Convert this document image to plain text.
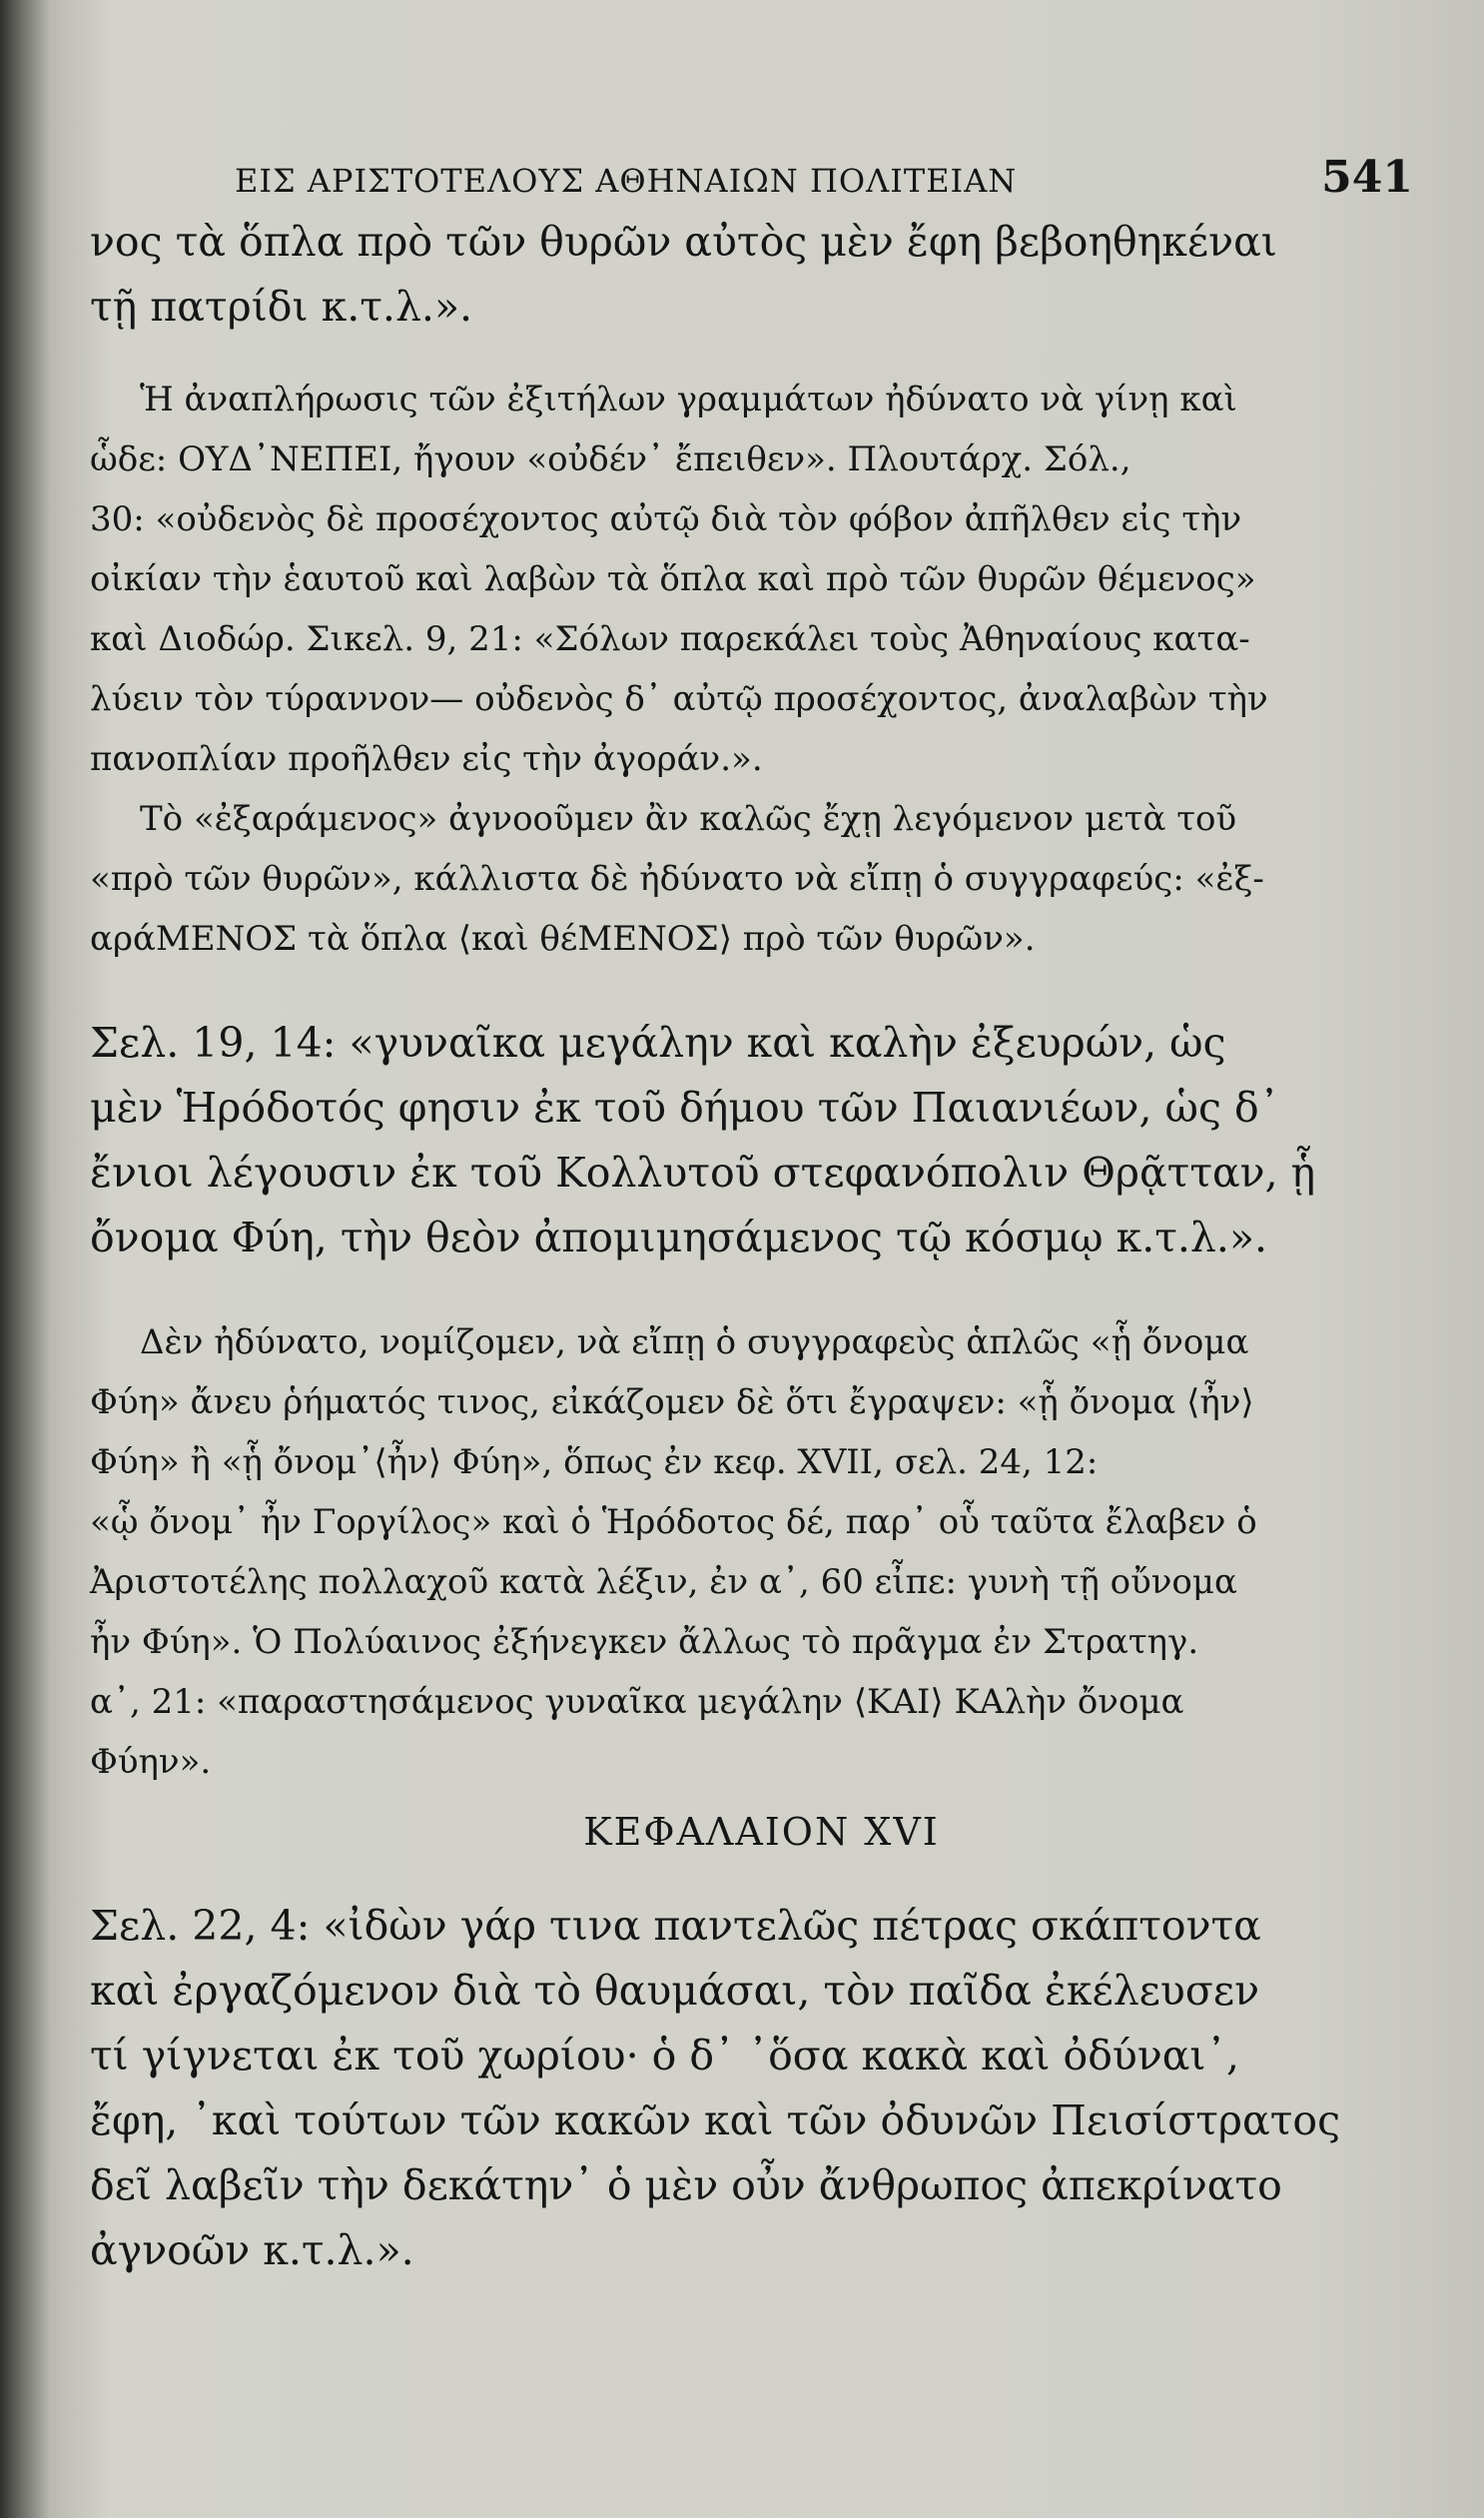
ΕΙΣ ΑΡΙΣΤΟΤΕΛΟΥΣ ΑΘΗΝΑΙΩΝ ΠΟΛΙΤΕΙΑΝ	541
νος τὰ ὅπλα πρὸ τῶν θυρῶν αὐτὸς μὲν ἔφη βεβοηθηκέναι
τῇ πατρίδι κ.τ.λ.».
Ἡ ἀναπλήρωσις τῶν ἐξιτήλων γραμμάτων ἠδύνατο νὰ γίνῃ καὶ
ὧδε: ΟΥΔ᾽ΝΕΠΕΙ, ἤγουν «οὐδέν᾽ ἔπειθεν». Πλουτάρχ. Σόλ.,
30: «οὐδενὸς δὲ προσέχοντος αὐτῷ διὰ τὸν φόβον ἀπῆλθεν εἰς τὴν
οἰκίαν τὴν ἑαυτοῦ καὶ λαβὼν τὰ ὅπλα καὶ πρὸ τῶν θυρῶν θέμενος»
καὶ Διοδώρ. Σικελ. 9, 21: «Σόλων παρεκάλει τοὺς Ἀθηναίους κατα-
λύειν τὸν τύραννον— οὐδενὸς δ᾽ αὐτῷ προσέχοντος, ἀναλαβὼν τὴν
πανοπλίαν προῆλθεν εἰς τὴν ἀγοράν.».
Τὸ «ἐξαράμενος» ἀγνοοῦμεν ἂν καλῶς ἔχῃ λεγόμενον μετὰ τοῦ
«πρὸ τῶν θυρῶν», κάλλιστα δὲ ἠδύνατο νὰ εἴπῃ ὁ συγγραφεύς: «ἐξ-
αράΜΕΝΟΣ τὰ ὅπλα ⟨καὶ θέΜΕΝΟΣ⟩ πρὸ τῶν θυρῶν».
Σελ. 19, 14: «γυναῖκα μεγάλην καὶ καλὴν ἐξευρών, ὡς
μὲν Ἡρόδοτός φησιν ἐκ τοῦ δήμου τῶν Παιανιέων, ὡς δ᾽
ἔνιοι λέγουσιν ἐκ τοῦ Κολλυτοῦ στεφανόπολιν Θρᾷτταν, ᾗ
ὄνομα Φύη, τὴν θεὸν ἀπομιμησάμενος τῷ κόσμῳ κ.τ.λ.».
Δὲν ἠδύνατο, νομίζομεν, νὰ εἴπῃ ὁ συγγραφεὺς ἁπλῶς «ᾗ ὄνομα
Φύη» ἄνευ ῥήματός τινος, εἰκάζομεν δὲ ὅτι ἔγραψεν: «ᾗ ὄνομα ⟨ἦν⟩
Φύη» ἢ «ᾗ ὄνομ᾽⟨ἦν⟩ Φύη», ὅπως ἐν κεφ. XVII, σελ. 24, 12:
«ᾧ ὄνομ᾽ ἦν Γοργίλος» καὶ ὁ Ἡρόδοτος δέ, παρ᾽ οὗ ταῦτα ἔλαβεν ὁ
Ἀριστοτέλης πολλαχοῦ κατὰ λέξιν, ἐν α᾽, 60 εἶπε: γυνὴ τῇ οὔνομα
ἦν Φύη». Ὁ Πολύαινος ἐξήνεγκεν ἄλλως τὸ πρᾶγμα ἐν Στρατηγ.
α᾽, 21: «παραστησάμενος γυναῖκα μεγάλην ⟨ΚΑΙ⟩ ΚΑλὴν ὄνομα
Φύην».
ΚΕΦΑΛΑΙΟΝ XVI
Σελ. 22, 4: «ἰδὼν γάρ τινα παντελῶς πέτρας σκάπτοντα
καὶ ἐργαζόμενον διὰ τὸ θαυμάσαι, τὸν παῖδα ἐκέλευσεν
τί γίγνεται ἐκ τοῦ χωρίου· ὁ δ᾽ ᾽ὅσα κακὰ καὶ ὀδύναι᾽,
ἔφη, ᾽καὶ τούτων τῶν κακῶν καὶ τῶν ὀδυνῶν Πεισίστρατος
δεῖ λαβεῖν τὴν δεκάτην᾽ ὁ μὲν οὖν ἄνθρωπος ἀπεκρίνατο
ἀγνοῶν κ.τ.λ.».
